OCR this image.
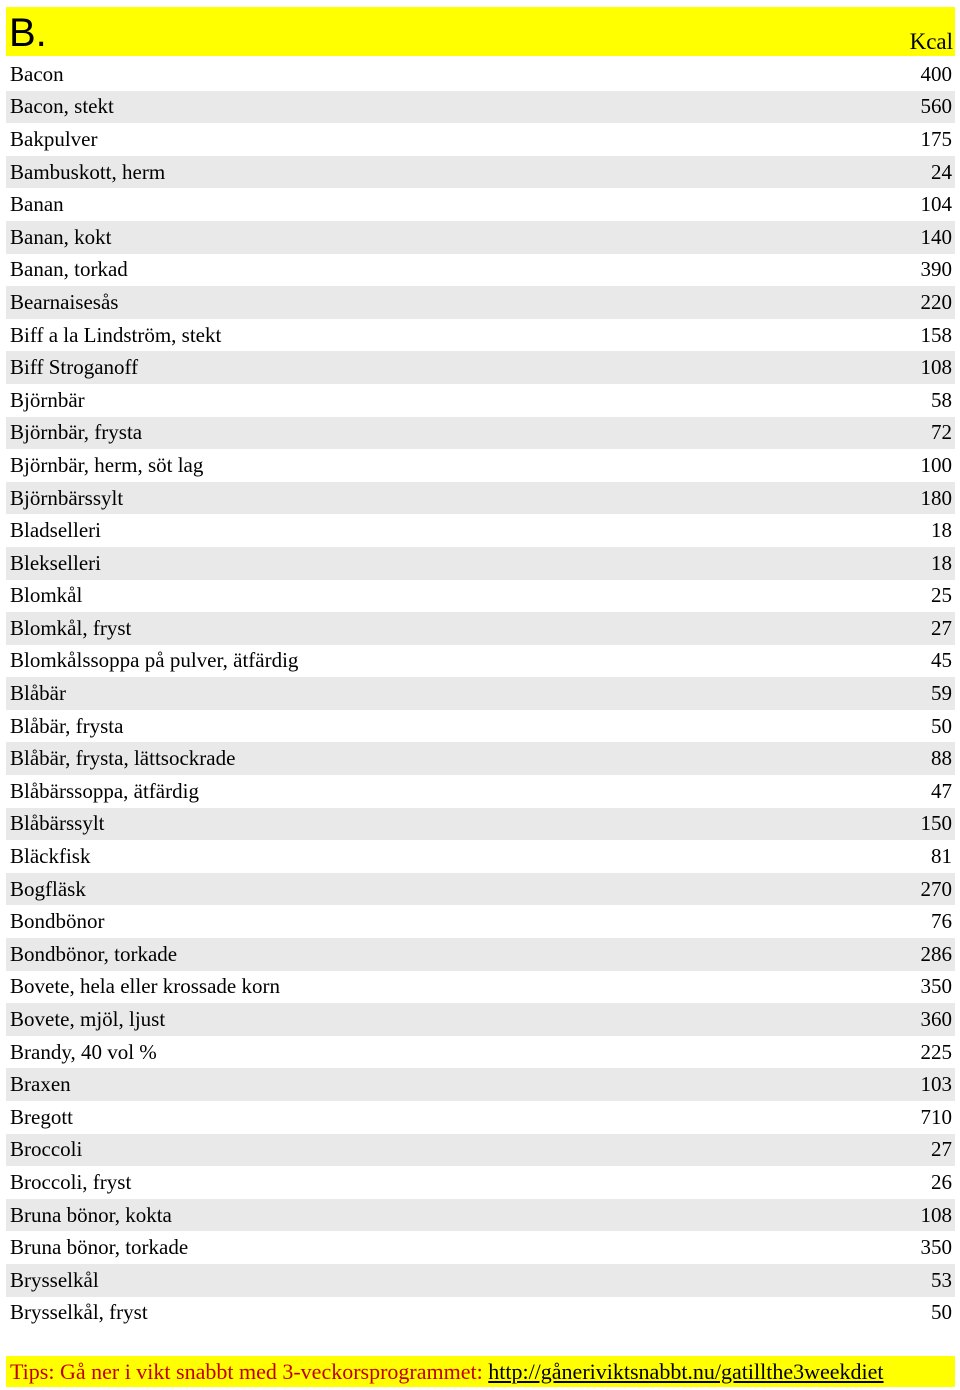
B.	Kcal
Bacon	400
Bacon, stekt	560
Bakpulver	175
Bambuskott, herm	24
Banan	104
Banan, kokt	140
Banan, torkad	390
Bearnaisesås	220
Biff a la Lindström, stekt	158
Biff Stroganoff	108
Björnbär	58
Björnbär, frysta	72
Björnbär, herm, söt lag	100
Björnbärssylt	180
Bladselleri	18
Blekselleri	18
Blomkål	25
Blomkål, fryst	27
Blomkålssoppa på pulver, ätfärdig	45
Blåbär	59
Blåbär, frysta	50
Blåbär, frysta, lättsockrade	88
Blåbärssoppa, ätfärdig	47
Blåbärssylt	150
Bläckfisk	81
Bogfläsk	270
Bondbönor	76
Bondbönor, torkade	286
Bovete, hela eller krossade korn	350
Bovete, mjöl, ljust	360
Brandy, 40 vol %	225
Braxen	103
Bregott	710
Broccoli	27
Broccoli, fryst	26
Bruna bönor, kokta	108
Bruna bönor, torkade	350
Brysselkål	53
Brysselkål, fryst	50
Tips: Gå ner i vikt snabbt med 3-veckorsprogrammet: http://gåneriviktsnabbt.nu/gatillthe3weekdiet
